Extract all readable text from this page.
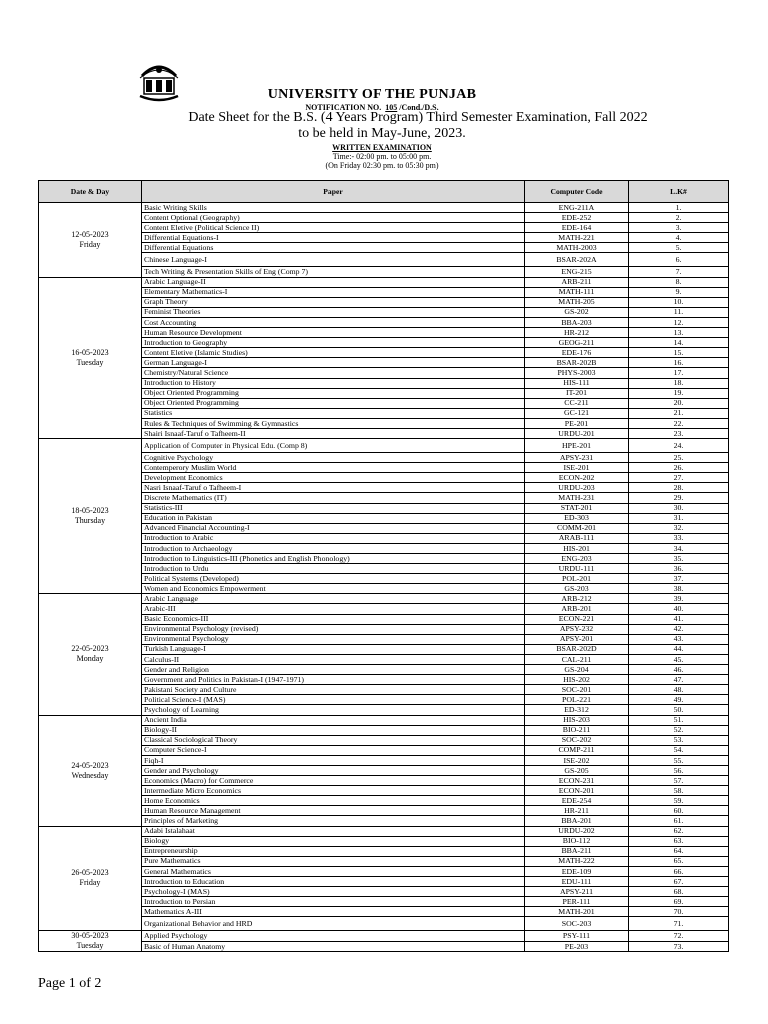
UNIVERSITY OF THE PUNJAB
NOTIFICATION NO. 105 /Cond./D.S.
Date Sheet for the B.S. (4 Years Program) Third Semester Examination, Fall 2022
to be held in May-June, 2023.
WRITTEN EXAMINATION
Time:- 02:00 pm. to 05:00 pm.
(On Friday 02:30 pm. to 05:30 pm)
Date & Day	Paper	Computer Code	L.K#

12-05-2023
Friday	Basic Writing Skills	ENG-211A	1.
	Content Optional (Geography)	EDE-252	2.
	Content Eletive (Political Science II)	EDE-164	3.
	Differential Equations-I	MATH-221	4.
	Differential Equations	MATH-2003	5.
	Chinese Language-I	BSAR-202A	6.
	Tech Writing & Presentation Skills of Eng (Comp 7)	ENG-215	7.

16-05-2023
Tuesday	Arabic Language-II	ARB-211	8.
	Elementary Mathematics-I	MATH-111	9.
	Graph Theory	MATH-205	10.
	Feminist Theories	GS-202	11.
	Cost Accounting	BBA-203	12.
	Human Resource Development	HR-212	13.
	Introduction to Geography	GEOG-211	14.
	Content Eletive (Islamic Studies)	EDE-176	15.
	German Language-I	BSAR-202B	16.
	Chemistry/Natural Science	PHYS-2003	17.
	Introduction to History	HIS-111	18.
	Object Oriented Programming	IT-201	19.
	Object Oriented Programming	CC-211	20.
	Statistics	GC-121	21.
	Rules & Techniques of Swimming & Gymnastics	PE-201	22.
	Shairi Isnaaf-Taruf o Tafheem-II	URDU-201	23.

18-05-2023
Thursday	Application of Computer in Physical Edu. (Comp 8)	HPE-201	24.
	Cognitive Psychology	APSY-231	25.
	Contemperory Muslim World	ISE-201	26.
	Development Economics	ECON-202	27.
	Nasri Isnaaf-Taruf o Tafheem-I	URDU-203	28.
	Discrete Mathematics (IT)	MATH-231	29.
	Statistics-III	STAT-201	30.
	Education in Pakistan	ED-303	31.
	Advanced Financial Accounting-I	COMM-201	32.
	Introduction to Arabic	ARAB-111	33.
	Introduction to Archaeology	HIS-201	34.
	Introduction to Linguistics-III (Phonetics and English Phonology)	ENG-203	35.
	Introduction to Urdu	URDU-111	36.
	Political Systems (Developed)	POL-201	37.
	Women and Economics Empowerment	GS-203	38.

22-05-2023
Monday	Arabic Language	ARB-212	39.
	Arabic-III	ARB-201	40.
	Basic Economics-III	ECON-221	41.
	Environmental Psychology (revised)	APSY-232	42.
	Environmental Psychology	APSY-201	43.
	Turkish Language-I	BSAR-202D	44.
	Calculus-II	CAL-211	45.
	Gender and Religion	GS-204	46.
	Government and Politics in Pakistan-I (1947-1971)	HIS-202	47.
	Pakistani Society and Culture	SOC-201	48.
	Political Science-I (MAS)	POL-221	49.
	Psychology of Learning	ED-312	50.

24-05-2023
Wednesday	Ancient India	HIS-203	51.
	Biology-II	BIO-211	52.
	Classical Sociological Theory	SOC-202	53.
	Computer Science-I	COMP-211	54.
	Fiqh-I	ISE-202	55.
	Gender and Psychology	GS-205	56.
	Economics (Macro) for Commerce	ECON-231	57.
	Intermediate Micro Economics	ECON-201	58.
	Home Economics	EDE-254	59.
	Human Resource Management	HR-211	60.
	Principles of Marketing	BBA-201	61.

26-05-2023
Friday	Adabi Istalahaat	URDU-202	62.
	Biology	BIO-112	63.
	Entrepreneurship	BBA-211	64.
	Pure Mathematics	MATH-222	65.
	General Mathematics	EDE-109	66.
	Introduction to Education	EDU-111	67.
	Psychology-I (MAS)	APSY-211	68.
	Introduction to Persian	PER-111	69.
	Mathematics A-III	MATH-201	70.
	Organizational Behavior and HRD	SOC-203	71.

30-05-2023
Tuesday	Applied Psychology	PSY-111	72.
	Basic of Human Anatomy	PE-203	73.
Page 1 of 2
